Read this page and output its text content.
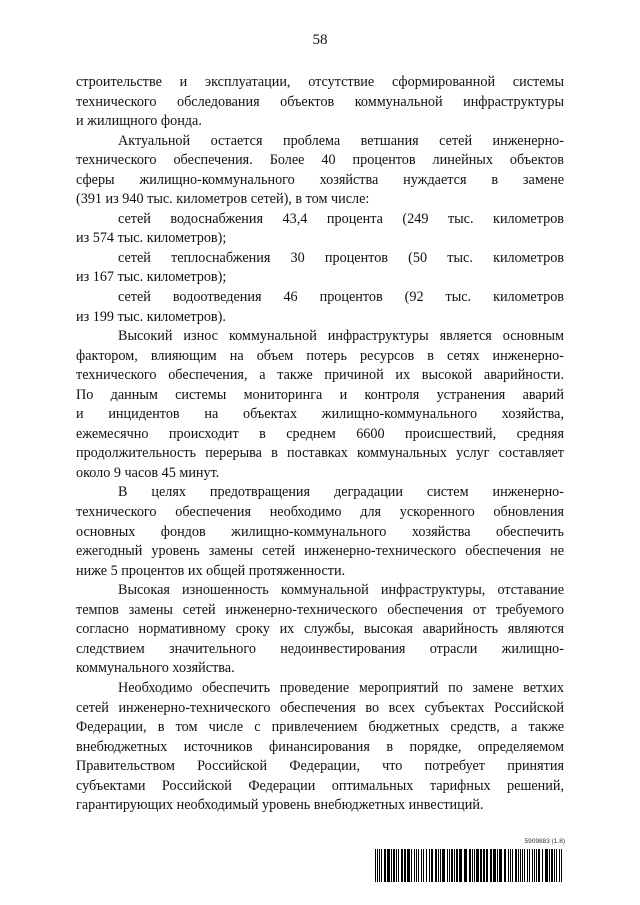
58
строительстве и эксплуатации, отсутствие сформированной системы
технического обследования объектов коммунальной инфраструктуры
и жилищного фонда.
Актуальной остается проблема ветшания сетей инженерно-
технического обеспечения. Более 40 процентов линейных объектов
сферы жилищно-коммунального хозяйства нуждается в замене
(391 из 940 тыс. километров сетей), в том числе:
сетей водоснабжения 43,4 процента (249 тыс. километров
из 574 тыс. километров);
сетей теплоснабжения 30 процентов (50 тыс. километров
из 167 тыс. километров);
сетей водоотведения 46 процентов (92 тыс. километров
из 199 тыс. километров).
Высокий износ коммунальной инфраструктуры является основным
фактором, влияющим на объем потерь ресурсов в сетях инженерно-
технического обеспечения, а также причиной их высокой аварийности.
По данным системы мониторинга и контроля устранения аварий
и инцидентов на объектах жилищно-коммунального хозяйства,
ежемесячно происходит в среднем 6600 происшествий, средняя
продолжительность перерыва в поставках коммунальных услуг составляет
около 9 часов 45 минут.
В целях предотвращения деградации систем инженерно-
технического обеспечения необходимо для ускоренного обновления
основных фондов жилищно-коммунального хозяйства обеспечить
ежегодный уровень замены сетей инженерно-технического обеспечения не
ниже 5 процентов их общей протяженности.
Высокая изношенность коммунальной инфраструктуры, отставание
темпов замены сетей инженерно-технического обеспечения от требуемого
согласно нормативному сроку их службы, высокая аварийность являются
следствием значительного недоинвестирования отрасли жилищно-
коммунального хозяйства.
Необходимо обеспечить проведение мероприятий по замене ветхих
сетей инженерно-технического обеспечения во всех субъектах Российской
Федерации, в том числе с привлечением бюджетных средств, а также
внебюджетных источников финансирования в порядке, определяемом
Правительством Российской Федерации, что потребует принятия
субъектами Российской Федерации оптимальных тарифных решений,
гарантирующих необходимый уровень внебюджетных инвестиций.
5909883 (1.8)
